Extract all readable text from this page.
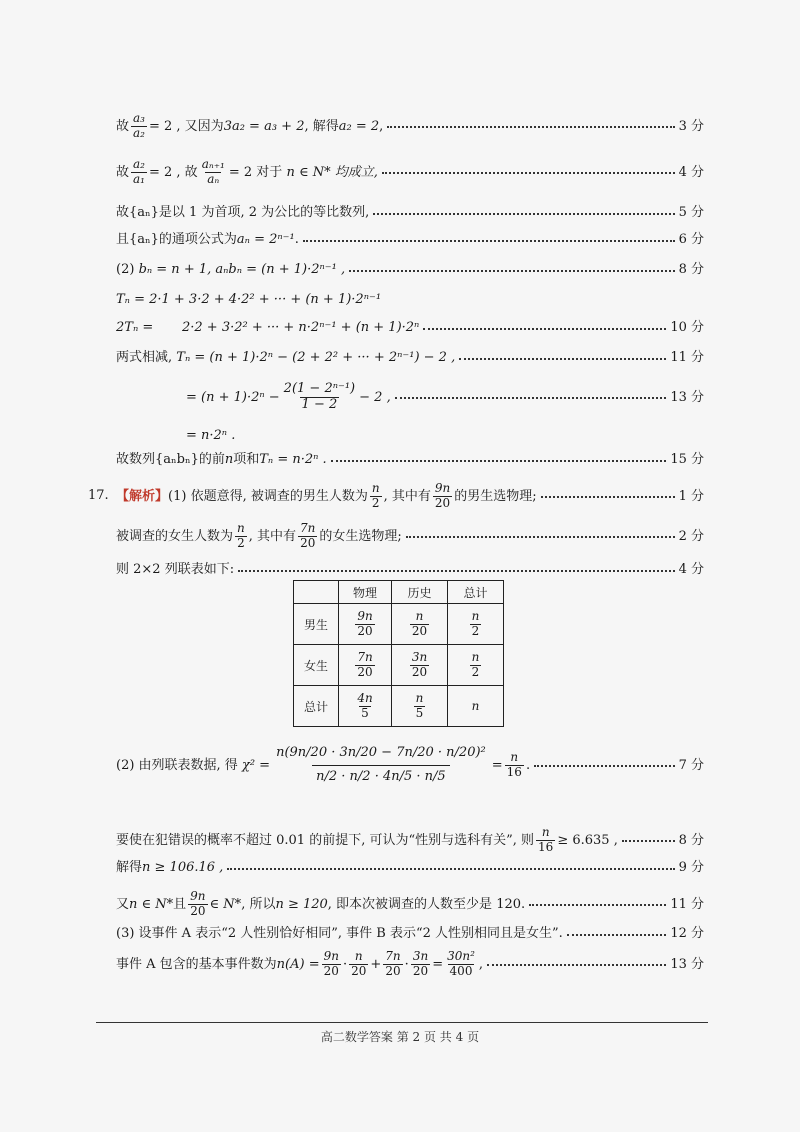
故 $\frac{\text{a₃}}{\text{a₂}} = 2$ , 又因为 3a₂ = a₃ + 2 , 解得 a₂ = 2 ,	3 分
故 $\frac{\text{a₂}}{\text{a₁}} = 2$ , 故 $\frac{\text{aₙ₊₁}}{\text{aₙ}} = 2$ 对于
n ∈ N* 均成立,	4 分
故{aₙ}是以 1 为首项, 2 为公比的等比数列,	5 分
且{aₙ}的通项公式为 aₙ = 2ⁿ⁻¹ .	6 分
(2)
bₙ = n + 1, aₙbₙ = (n + 1)·2ⁿ⁻¹ ,	8 分
Tₙ = 2·1 + 3·2 + 4·2² + ··· + (n + 1)·2ⁿ⁻¹
2Tₙ =	2·2 + 3·2² + ··· + n·2ⁿ⁻¹ + (n + 1)·2ⁿ	10 分
两式相减,
Tₙ = (n + 1)·2ⁿ − (2 + 2² + ··· + 2ⁿ⁻¹) − 2 ,	11 分
= $(n + 1)\cdot 2^n - \frac{\text{2(1 − 2ⁿ⁻¹)}}{1 - 2} - 2$ ,	13 分
= n·2ⁿ .
故数列{aₙbₙ}的前 n 项和 Tₙ = n·2ⁿ .	15 分
17. 【解析】 (1) 依题意得, 被调查的男生人数为 $\frac{n}{2}$ , 其中有 $\frac{9n}{20}$ 的男生选物理;	1 分
被调查的女生人数为 $\frac{n}{2}$ , 其中有 $\frac{7n}{20}$ 的女生选物理;	2 分
则 2×2 列联表如下:	4 分
	物理	历史	总计
男生	$\frac{9n}{20}$	$\frac{n}{20}$	$\frac{n}{2}$

女生	$\frac{7n}{20}$	$\frac{3n}{20}$	$\frac{n}{2}$

总计	$\frac{4n}{5}$	$\frac{n}{5}$	n
(2) 由列联表数据, 得
$\chi^2 = \frac{\text{n(9n/20 · 3n/20 − 7n/20 · n/20)²}}{n/2 \cdot n/2 \cdot 4n/5 \cdot n/5} = \frac{n}{16}$ .	7 分
要使在犯错误的概率不超过 0.01 的前提下, 可认为“性别与选科有关”, 则 $\frac{n}{16} \ge 6.635$ ,	8 分
解得 n ≥ 106.16 ,	9 分
又 n ∈ N* 且 $\frac{9n}{20}$ ∈ N* , 所以 n ≥ 120 , 即本次被调查的人数至少是 120.	11 分
(3) 设事件 A 表示“2 人性别恰好相同”, 事件 B 表示“2 人性别相同且是女生”.	12 分
事件 A 包含的基本事件数为 $n(A) = \frac{9n}{20} \cdot \frac{n}{20} + \frac{7n}{20} \cdot \frac{3n}{20} = \frac{\text{30n²}}{400}$ ,	13 分
高二数学答案 第 2 页 共 4 页
